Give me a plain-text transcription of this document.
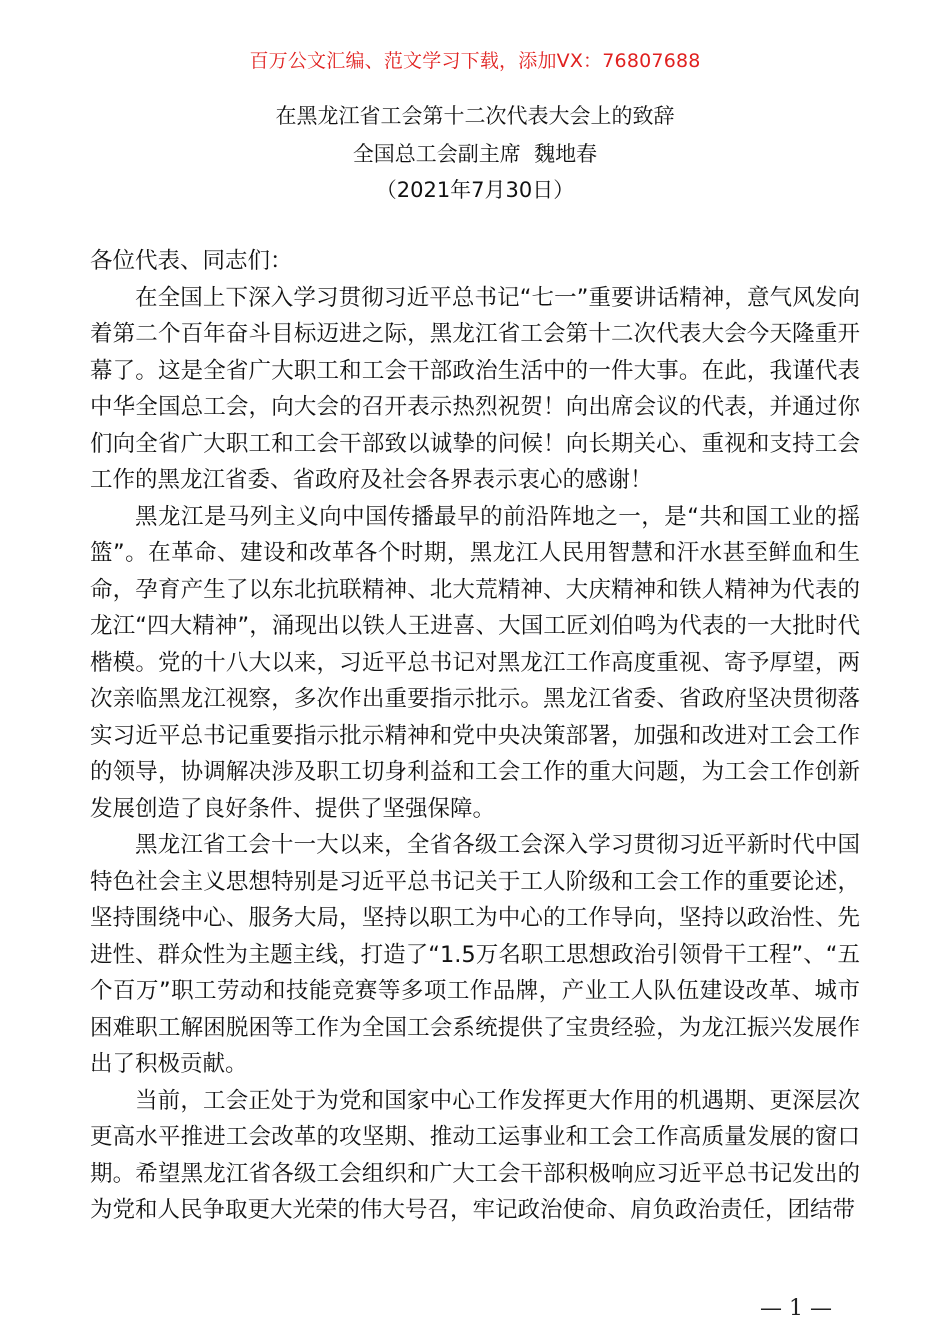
百万公文汇编、范文学习下载，添加VX：76807688
在黑龙江省工会第十二次代表大会上的致辞
全国总工会副主席  魏地春
（2021年7月30日）

各位代表、同志们：

在全国上下深入学习贯彻习近平总书记“七一”重要讲话精神，意气风发向着第二个百年奋斗目标迈进之际，黑龙江省工会第十二次代表大会今天隆重开幕了。这是全省广大职工和工会干部政治生活中的一件大事。在此，我谨代表中华全国总工会，向大会的召开表示热烈祝贺！向出席会议的代表，并通过你们向全省广大职工和工会干部致以诚挚的问候！向长期关心、重视和支持工会工作的黑龙江省委、省政府及社会各界表示衷心的感谢！

黑龙江是马列主义向中国传播最早的前沿阵地之一，是“共和国工业的摇篮”。在革命、建设和改革各个时期，黑龙江人民用智慧和汗水甚至鲜血和生命，孕育产生了以东北抗联精神、北大荒精神、大庆精神和铁人精神为代表的龙江“四大精神”，涌现出以铁人王进喜、大国工匠刘伯鸣为代表的一大批时代楷模。党的十八大以来，习近平总书记对黑龙江工作高度重视、寄予厚望，两次亲临黑龙江视察，多次作出重要指示批示。黑龙江省委、省政府坚决贯彻落实习近平总书记重要指示批示精神和党中央决策部署，加强和改进对工会工作的领导，协调解决涉及职工切身利益和工会工作的重大问题，为工会工作创新发展创造了良好条件、提供了坚强保障。

黑龙江省工会十一大以来，全省各级工会深入学习贯彻习近平新时代中国特色社会主义思想特别是习近平总书记关于工人阶级和工会工作的重要论述，坚持围绕中心、服务大局，坚持以职工为中心的工作导向，坚持以政治性、先进性、群众性为主题主线，打造了“1.5万名职工思想政治引领骨干工程”、“五个百万”职工劳动和技能竞赛等多项工作品牌，产业工人队伍建设改革、城市困难职工解困脱困等工作为全国工会系统提供了宝贵经验，为龙江振兴发展作出了积极贡献。

当前，工会正处于为党和国家中心工作发挥更大作用的机遇期、更深层次更高水平推进工会改革的攻坚期、推动工运事业和工会工作高质量发展的窗口期。希望黑龙江省各级工会组织和广大工会干部积极响应习近平总书记发出的为党和人民争取更大光荣的伟大号召，牢记政治使命、肩负政治责任，团结带

— 1 —
